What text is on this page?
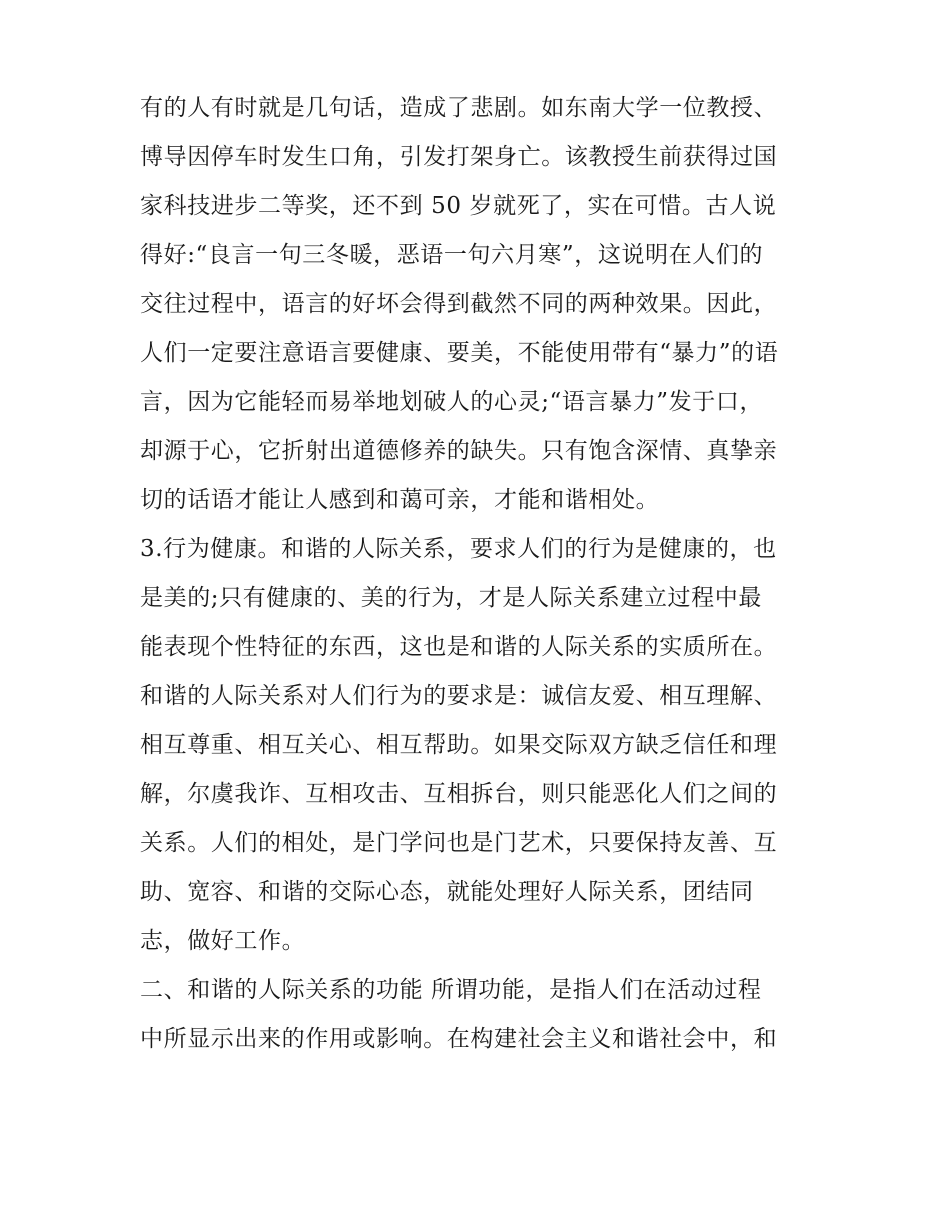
有的人有时就是几句话，造成了悲剧。如东南大学一位教授、
博导因停车时发生口角，引发打架身亡。该教授生前获得过国
家科技进步二等奖，还不到 50 岁就死了，实在可惜。古人说
得好:“良言一句三冬暖，恶语一句六月寒”，这说明在人们的
交往过程中，语言的好坏会得到截然不同的两种效果。因此，
人们一定要注意语言要健康、要美，不能使用带有“暴力”的语
言，因为它能轻而易举地划破人的心灵;“语言暴力”发于口，
却源于心，它折射出道德修养的缺失。只有饱含深情、真挚亲
切的话语才能让人感到和蔼可亲，才能和谐相处。
3.行为健康。和谐的人际关系，要求人们的行为是健康的，也
是美的;只有健康的、美的行为，才是人际关系建立过程中最
能表现个性特征的东西，这也是和谐的人际关系的实质所在。
和谐的人际关系对人们行为的要求是：诚信友爱、相互理解、
相互尊重、相互关心、相互帮助。如果交际双方缺乏信任和理
解，尔虞我诈、互相攻击、互相拆台，则只能恶化人们之间的
关系。人们的相处，是门学问也是门艺术，只要保持友善、互
助、宽容、和谐的交际心态，就能处理好人际关系，团结同
志，做好工作。
二、和谐的人际关系的功能 所谓功能，是指人们在活动过程
中所显示出来的作用或影响。在构建社会主义和谐社会中，和
